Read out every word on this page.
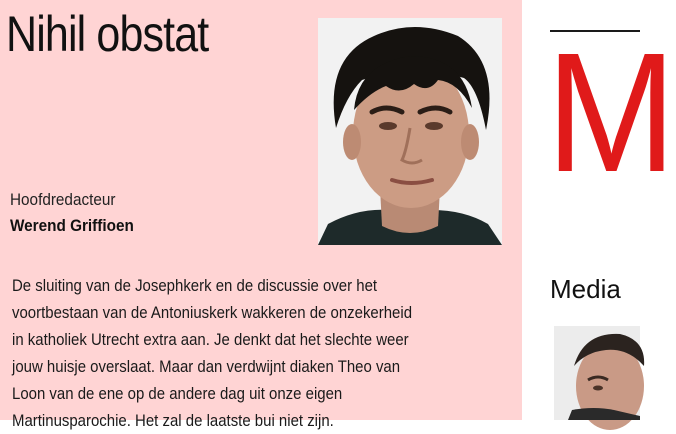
Nihil obstat
Hoofdredacteur
Werend Griffioen
De sluiting van de Josephkerk en de discussie over het
voortbestaan van de Antoniuskerk wakkeren de onzekerheid
in katholiek Utrecht extra aan. Je denkt dat het slechte weer
jouw huisje overslaat. Maar dan verdwijnt diaken Theo van
Loon van de ene op de andere dag uit onze eigen
Martinusparochie. Het zal de laatste bui niet zijn.
M
Media
